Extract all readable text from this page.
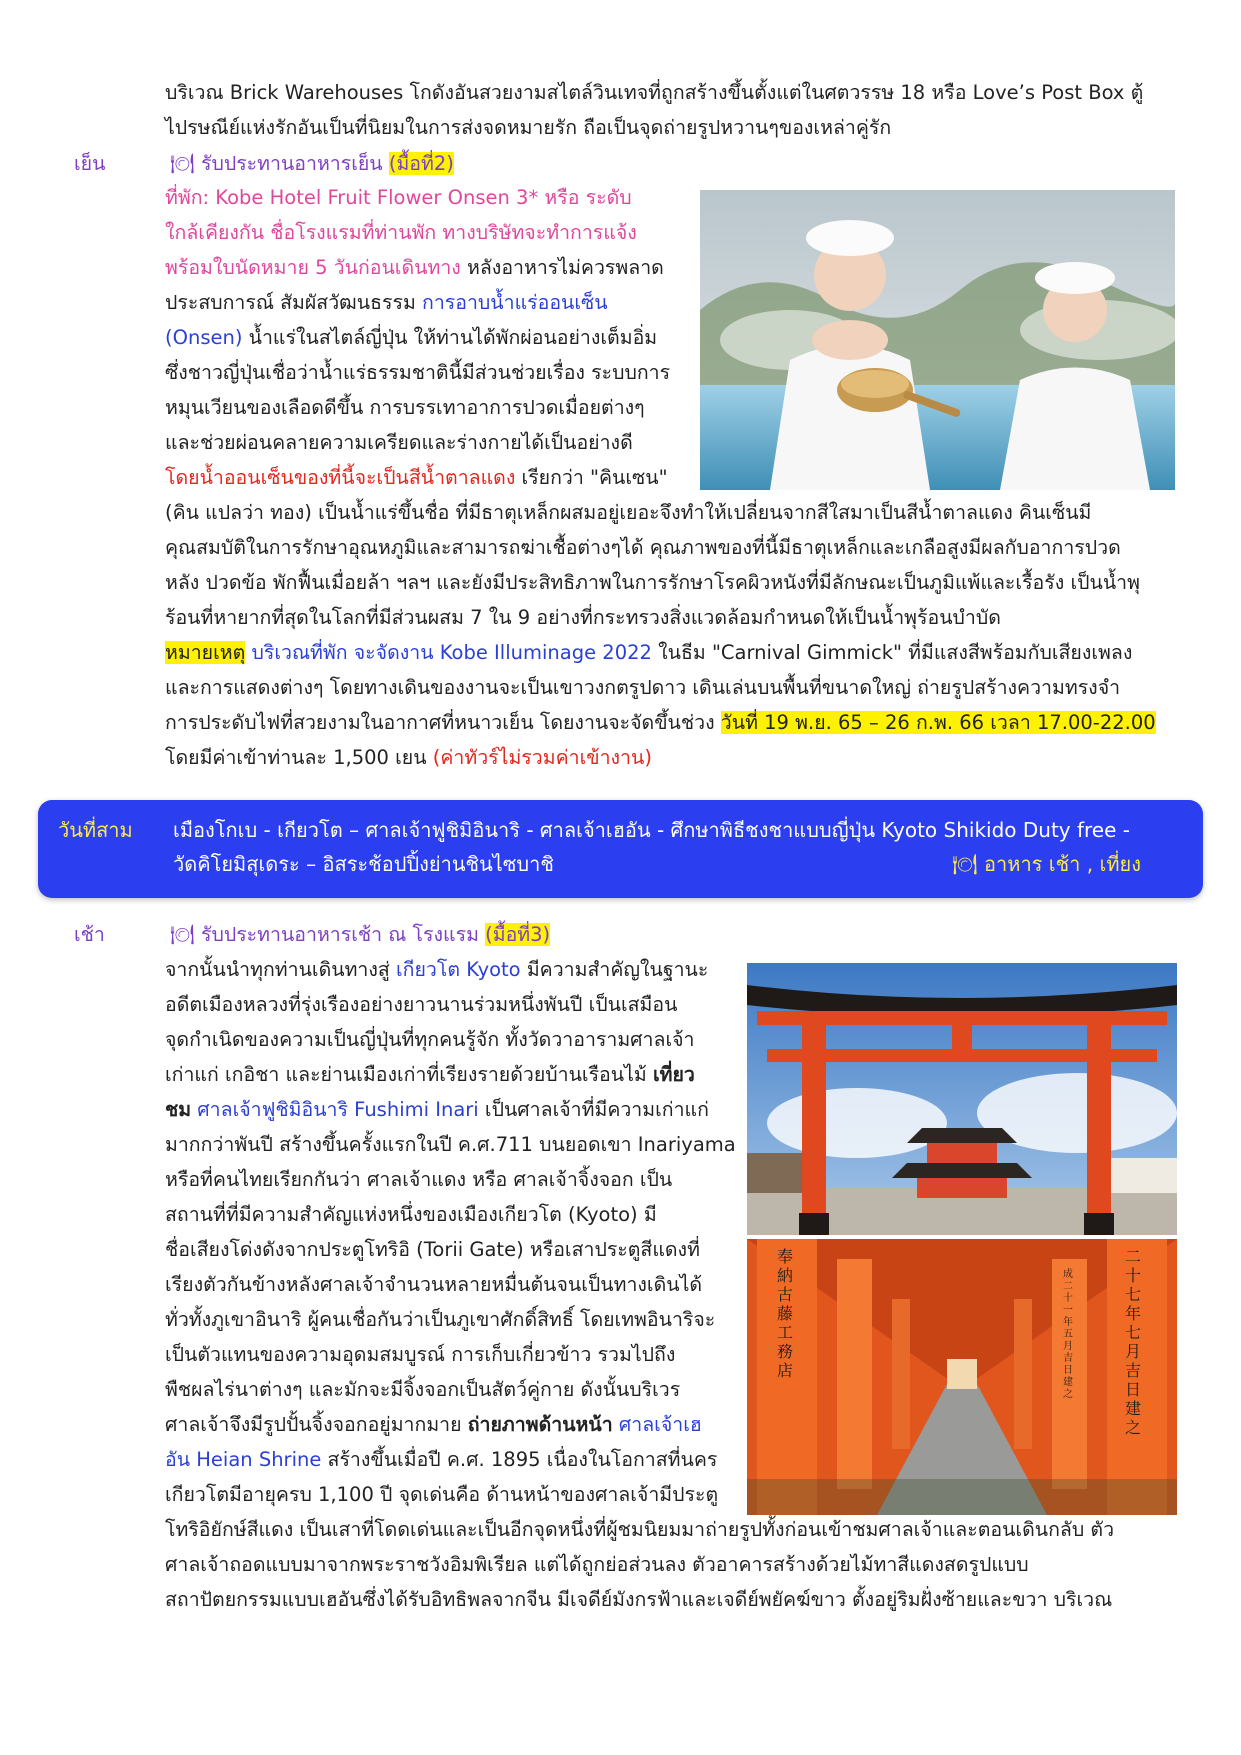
บริเวณ Brick Warehouses โกดังอันสวยงามสไตล์วินเทจที่ถูกสร้างขึ้นตั้งแต่ในศตวรรษ 18 หรือ Love’s Post Box ตู้
ไปรษณีย์แห่งรักอันเป็นที่นิยมในการส่งจดหมายรัก ถือเป็นจุดถ่ายรูปหวานๆของเหล่าคู่รัก
เย็น	🍽 รับประทานอาหารเย็น (มื้อที่2)
ที่พัก: Kobe Hotel Fruit Flower Onsen 3* หรือ ระดับ
ใกล้เคียงกัน ชื่อโรงแรมที่ท่านพัก ทางบริษัทจะทำการแจ้ง
พร้อมใบนัดหมาย 5 วันก่อนเดินทาง หลังอาหารไม่ควรพลาด
ประสบการณ์ สัมผัสวัฒนธรรม การอาบน้ำแร่ออนเซ็น
(Onsen) น้ำแร่ในสไตล์ญี่ปุ่น ให้ท่านได้พักผ่อนอย่างเต็มอิ่ม
ซึ่งชาวญี่ปุ่นเชื่อว่าน้ำแร่ธรรมชาตินี้มีส่วนช่วยเรื่อง ระบบการ
หมุนเวียนของเลือดดีขึ้น การบรรเทาอาการปวดเมื่อยต่างๆ
และช่วยผ่อนคลายความเครียดและร่างกายได้เป็นอย่างดี
โดยน้ำออนเซ็นของที่นี้จะเป็นสีน้ำตาลแดง เรียกว่า "คินเซน"
(คิน แปลว่า ทอง) เป็นน้ำแร่ขึ้นชื่อ ที่มีธาตุเหล็กผสมอยู่เยอะจึงทำให้เปลี่ยนจากสีใสมาเป็นสีน้ำตาลแดง คินเซ็นมี
คุณสมบัติในการรักษาอุณหภูมิและสามารถฆ่าเชื้อต่างๆได้ คุณภาพของที่นี้มีธาตุเหล็กและเกลือสูงมีผลกับอาการปวด
หลัง ปวดข้อ พักฟื้นเมื่อยล้า ฯลฯ และยังมีประสิทธิภาพในการรักษาโรคผิวหนังที่มีลักษณะเป็นภูมิแพ้และเรื้อรัง เป็นน้ำพุ
ร้อนที่หายากที่สุดในโลกที่มีส่วนผสม 7 ใน 9 อย่างที่กระทรวงสิ่งแวดล้อมกำหนดให้เป็นน้ำพุร้อนบำบัด
หมายเหตุ บริเวณที่พัก จะจัดงาน Kobe Illuminage 2022 ในธีม "Carnival Gimmick" ที่มีแสงสีพร้อมกับเสียงเพลง
และการแสดงต่างๆ โดยทางเดินของงานจะเป็นเขาวงกตรูปดาว เดินเล่นบนพื้นที่ขนาดใหญ่ ถ่ายรูปสร้างความทรงจำ
การประดับไฟที่สวยงามในอากาศที่หนาวเย็น โดยงานจะจัดขึ้นช่วง วันที่ 19 พ.ย. 65 – 26 ก.พ. 66 เวลา 17.00-22.00
โดยมีค่าเข้าท่านละ 1,500 เยน (ค่าทัวร์ไม่รวมค่าเข้างาน)
วันที่สาม เมืองโกเบ - เกียวโต – ศาลเจ้าฟูชิมิอินาริ - ศาลเจ้าเฮอัน - ศึกษาพิธีชงชาแบบญี่ปุ่น Kyoto Shikido Duty free -
วัดคิโยมิสุเดระ – อิสระช้อปปิ้งย่านชินไซบาชิ	🍽 อาหาร เช้า , เที่ยง
เช้า	🍽 รับประทานอาหารเช้า ณ โรงแรม (มื้อที่3)
จากนั้นนำทุกท่านเดินทางสู่ เกียวโต Kyoto มีความสำคัญในฐานะ
อดีตเมืองหลวงที่รุ่งเรืองอย่างยาวนานร่วมหนึ่งพันปี เป็นเสมือน
จุดกำเนิดของความเป็นญี่ปุ่นที่ทุกคนรู้จัก ทั้งวัดวาอารามศาลเจ้า
เก่าแก่ เกอิชา และย่านเมืองเก่าที่เรียงรายด้วยบ้านเรือนไม้ เที่ยว
ชม ศาลเจ้าฟูชิมิอินาริ Fushimi Inari เป็นศาลเจ้าที่มีความเก่าแก่
มากกว่าพันปี สร้างขึ้นครั้งแรกในปี ค.ศ.711 บนยอดเขา Inariyama
หรือที่คนไทยเรียกกันว่า ศาลเจ้าแดง หรือ ศาลเจ้าจิ้งจอก เป็น
สถานที่ที่มีความสำคัญแห่งหนึ่งของเมืองเกียวโต (Kyoto) มี
ชื่อเสียงโด่งดังจากประตูโทริอิ (Torii Gate) หรือเสาประตูสีแดงที่
เรียงตัวกันข้างหลังศาลเจ้าจำนวนหลายหมื่นต้นจนเป็นทางเดินได้
ทั่วทั้งภูเขาอินาริ ผู้คนเชื่อกันว่าเป็นภูเขาศักดิ์สิทธิ์ โดยเทพอินาริจะ
เป็นตัวแทนของความอุดมสมบูรณ์ การเก็บเกี่ยวข้าว รวมไปถึง
พืชผลไร่นาต่างๆ และมักจะมีจิ้งจอกเป็นสัตว์คู่กาย ดังนั้นบริเวร
ศาลเจ้าจึงมีรูปปั้นจิ้งจอกอยู่มากมาย ถ่ายภาพด้านหน้า ศาลเจ้าเฮ
อัน Heian Shrine สร้างขึ้นเมื่อปี ค.ศ. 1895 เนื่องในโอกาสที่นคร
เกียวโตมีอายุครบ 1,100 ปี จุดเด่นคือ ด้านหน้าของศาลเจ้ามีประตู
โทริอิยักษ์สีแดง เป็นเสาที่โดดเด่นและเป็นอีกจุดหนึ่งที่ผู้ชมนิยมมาถ่ายรูปทั้งก่อนเข้าชมศาลเจ้าและตอนเดินกลับ ตัว
ศาลเจ้าถอดแบบมาจากพระราชวังอิมพิเรียล แต่ได้ถูกย่อส่วนลง ตัวอาคารสร้างด้วยไม้ทาสีแดงสดรูปแบบ
สถาปัตยกรรมแบบเฮอันซึ่งได้รับอิทธิพลจากจีน มีเจดีย์มังกรฟ้าและเจดีย์พยัคฆ์ขาว ตั้งอยู่ริมฝั่งซ้ายและขวา บริเวณ
奉納 古藤工務店
二十七年七月吉日建之
成二十一年五月吉日建之
